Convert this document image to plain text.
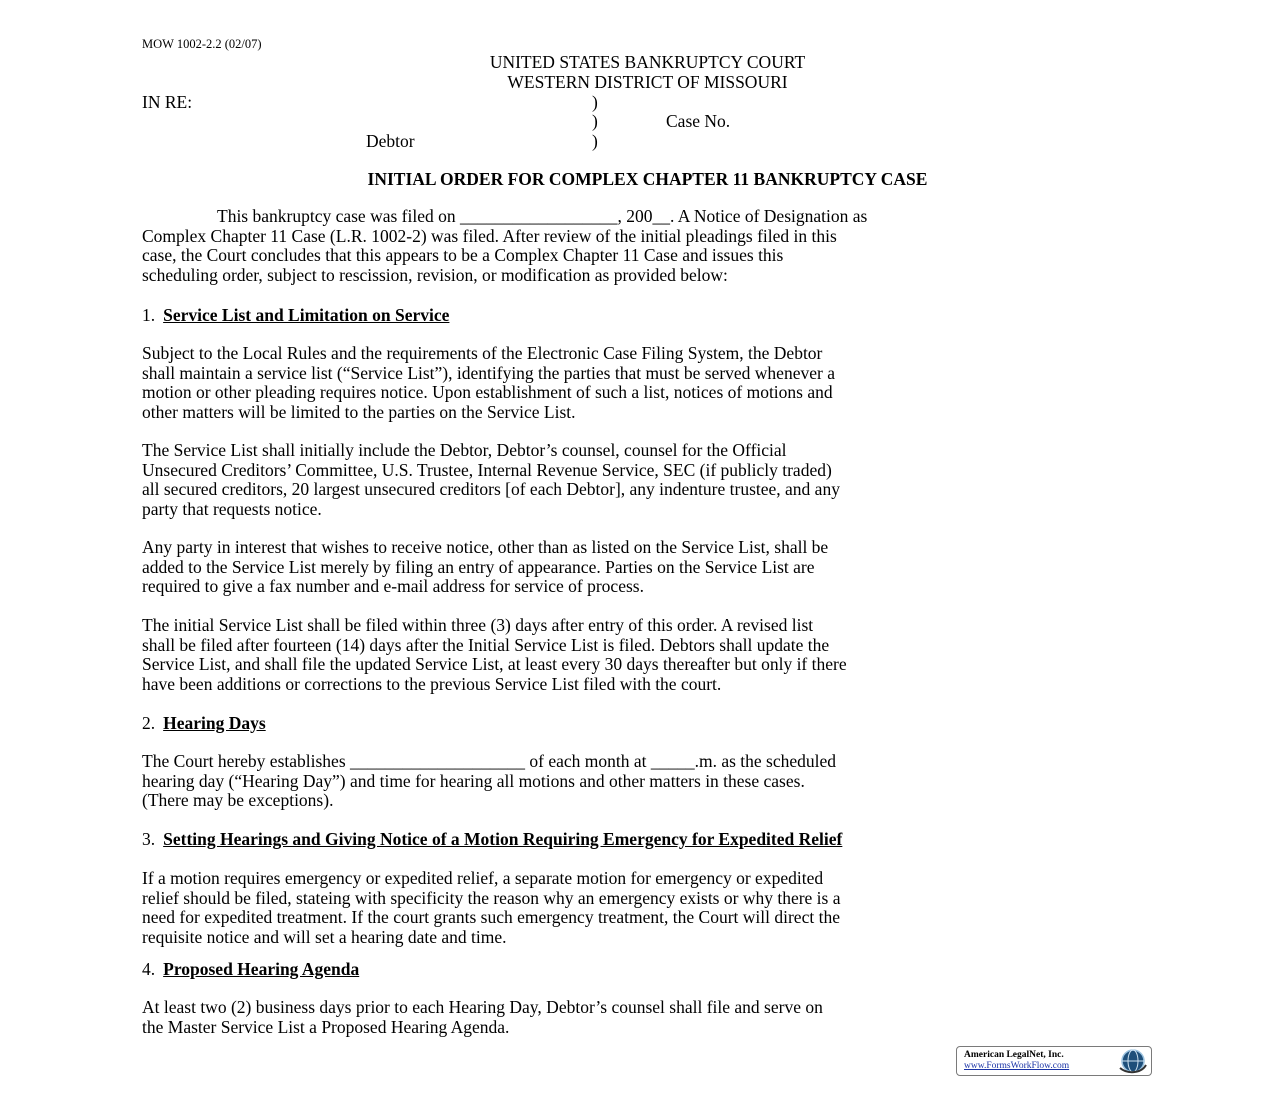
MOW 1002-2.2 (02/07)
UNITED STATES BANKRUPTCY COURT
WESTERN DISTRICT OF MISSOURI
IN RE:	)
)
)
Case No.
Debtor
INITIAL ORDER FOR COMPLEX CHAPTER 11 BANKRUPTCY CASE
This bankruptcy case was filed on __________________, 200__. A Notice of Designation as
Complex Chapter 11 Case (L.R. 1002-2) was filed. After review of the initial pleadings filed in this
case, the Court concludes that this appears to be a Complex Chapter 11 Case and issues this
scheduling order, subject to rescission, revision, or modification as provided below:
1. Service List and Limitation on Service
Subject to the Local Rules and the requirements of the Electronic Case Filing System, the Debtor
shall maintain a service list (“Service List”), identifying the parties that must be served whenever a
motion or other pleading requires notice. Upon establishment of such a list, notices of motions and
other matters will be limited to the parties on the Service List.
The Service List shall initially include the Debtor, Debtor’s counsel, counsel for the Official
Unsecured Creditors’ Committee, U.S. Trustee, Internal Revenue Service, SEC (if publicly traded)
all secured creditors, 20 largest unsecured creditors [of each Debtor], any indenture trustee, and any
party that requests notice.
Any party in interest that wishes to receive notice, other than as listed on the Service List, shall be
added to the Service List merely by filing an entry of appearance. Parties on the Service List are
required to give a fax number and e-mail address for service of process.
The initial Service List shall be filed within three (3) days after entry of this order. A revised list
shall be filed after fourteen (14) days after the Initial Service List is filed. Debtors shall update the
Service List, and shall file the updated Service List, at least every 30 days thereafter but only if there
have been additions or corrections to the previous Service List filed with the court.
2. Hearing Days
The Court hereby establishes ____________________ of each month at _____.m. as the scheduled
hearing day (“Hearing Day”) and time for hearing all motions and other matters in these cases.
(There may be exceptions).
3. Setting Hearings and Giving Notice of a Motion Requiring Emergency for Expedited Relief
If a motion requires emergency or expedited relief, a separate motion for emergency or expedited
relief should be filed, stateing with specificity the reason why an emergency exists or why there is a
need for expedited treatment. If the court grants such emergency treatment, the Court will direct the
requisite notice and will set a hearing date and time.
4. Proposed Hearing Agenda
At least two (2) business days prior to each Hearing Day, Debtor’s counsel shall file and serve on
the Master Service List a Proposed Hearing Agenda.
American LegalNet, Inc.
www.FormsWorkFlow.com
